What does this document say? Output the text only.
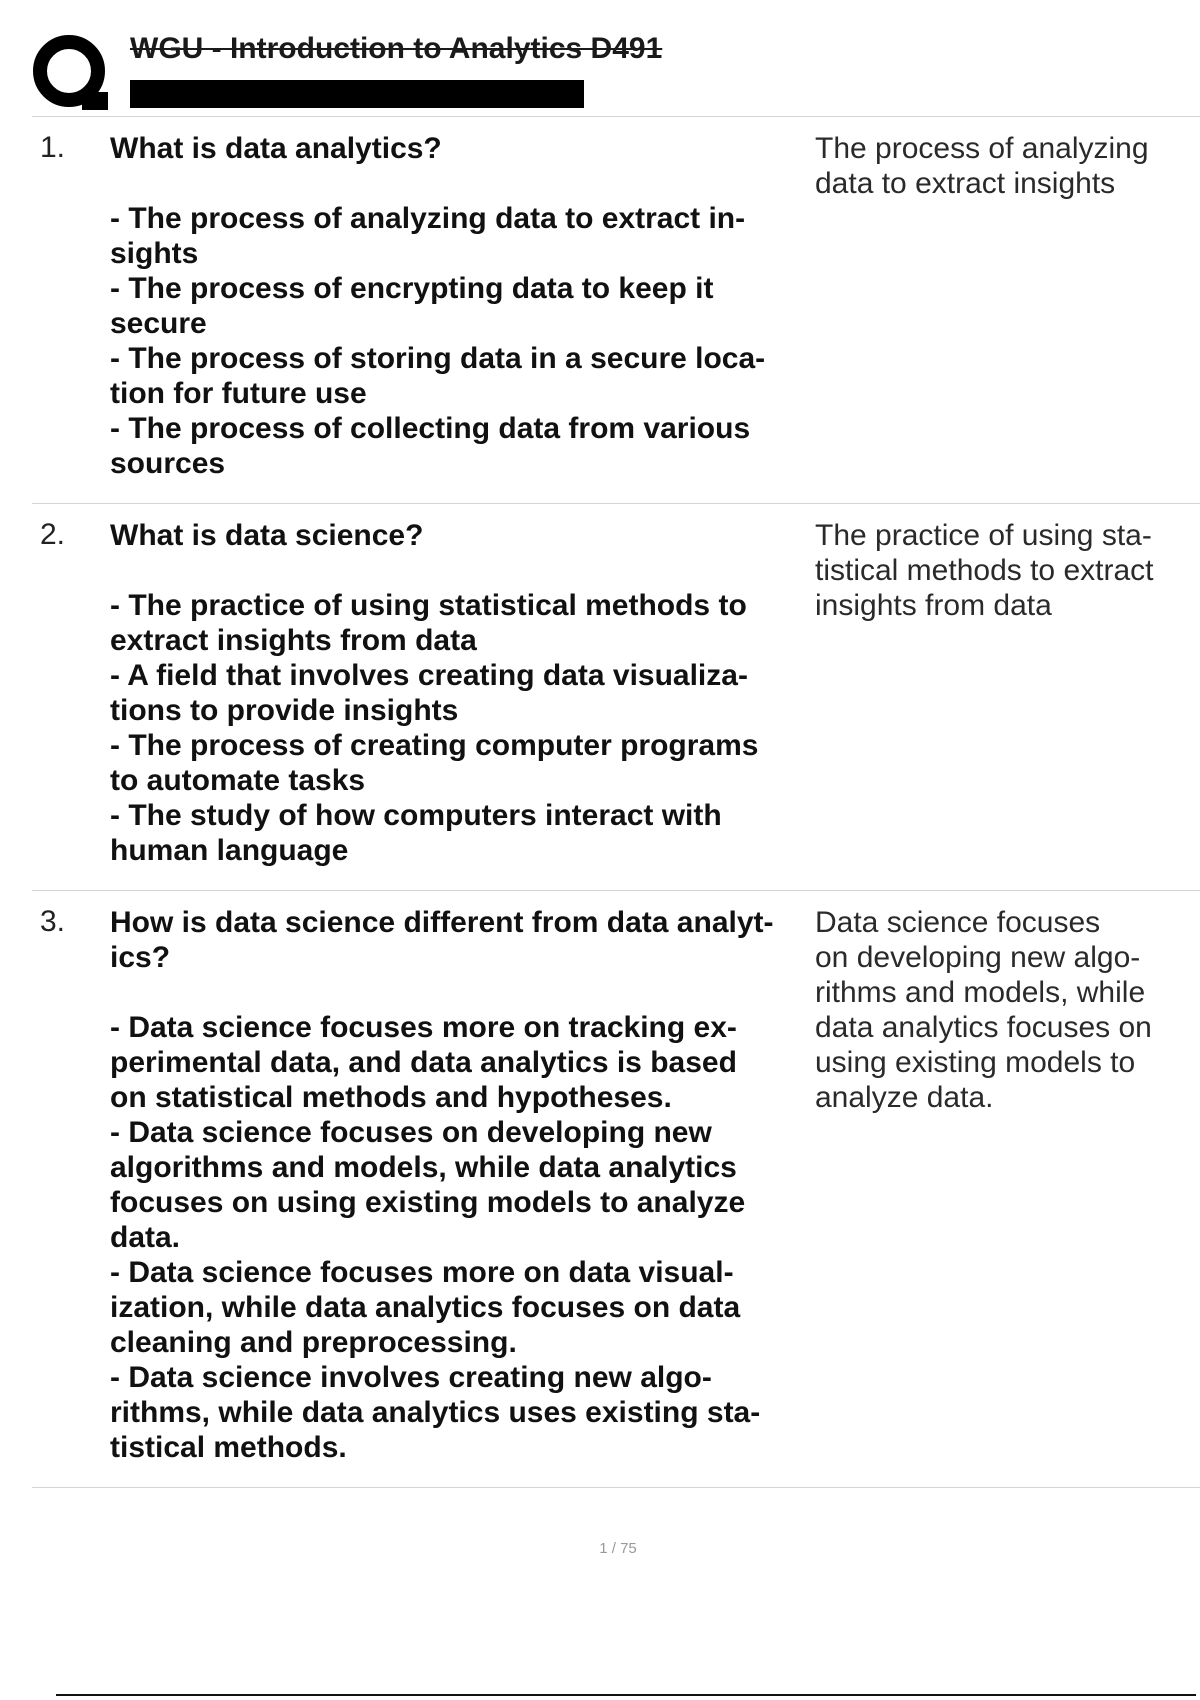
WGU - Introduction to Analytics D491
1. What is data analytics?

- The process of analyzing data to extract in-
sights
- The process of encrypting data to keep it
secure
- The process of storing data in a secure loca-
tion for future use
- The process of collecting data from various
sources
The process of analyzing
data to extract insights
2. What is data science?

- The practice of using statistical methods to
extract insights from data
- A field that involves creating data visualiza-
tions to provide insights
- The process of creating computer programs
to automate tasks
- The study of how computers interact with
human language
The practice of using sta-
tistical methods to extract
insights from data
3. How is data science different from data analyt-
ics?

- Data science focuses more on tracking ex-
perimental data, and data analytics is based
on statistical methods and hypotheses.
- Data science focuses on developing new
algorithms and models, while data analytics
focuses on using existing models to analyze
data.
- Data science focuses more on data visual-
ization, while data analytics focuses on data
cleaning and preprocessing.
- Data science involves creating new algo-
rithms, while data analytics uses existing sta-
tistical methods.
Data science focuses
on developing new algo-
rithms and models, while
data analytics focuses on
using existing models to
analyze data.
1 / 75
